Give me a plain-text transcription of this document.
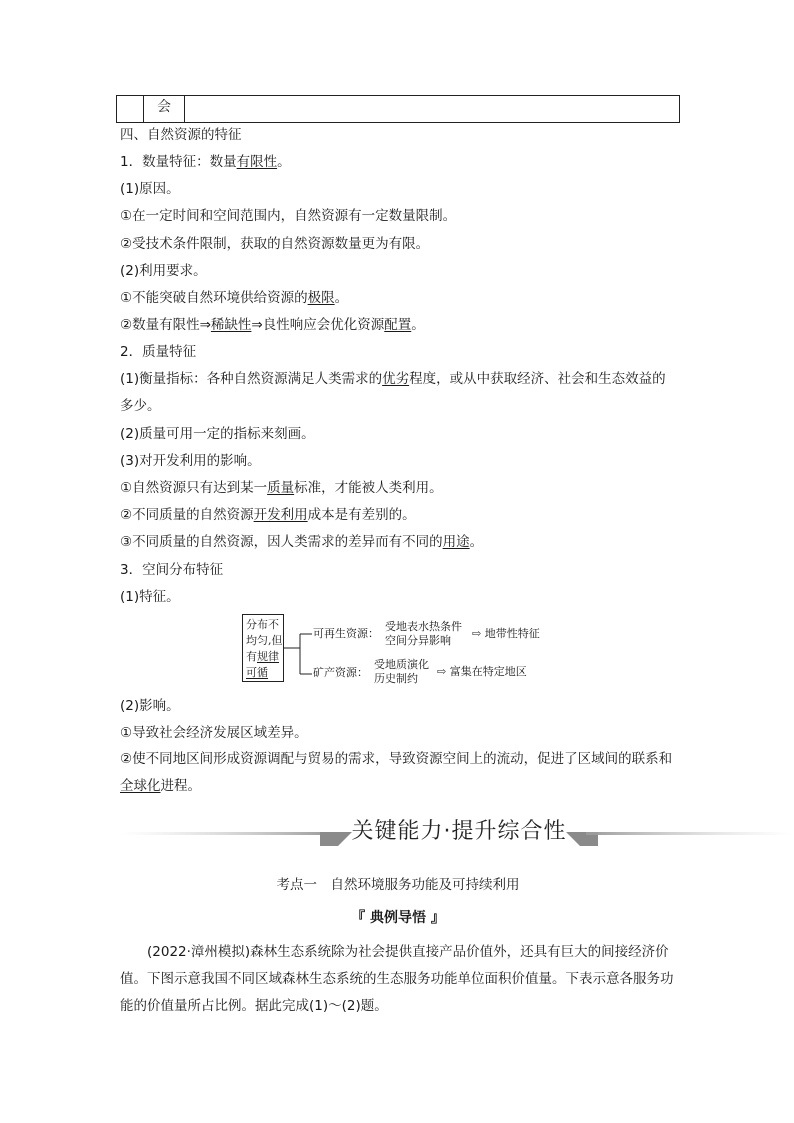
会
四、自然资源的特征
1．数量特征：数量有限性。
(1)原因。
①在一定时间和空间范围内，自然资源有一定数量限制。
②受技术条件限制，获取的自然资源数量更为有限。
(2)利用要求。
①不能突破自然环境供给资源的极限。
②数量有限性⇒稀缺性⇒良性响应会优化资源配置。
2．质量特征
(1)衡量指标：各种自然资源满足人类需求的优劣程度，或从中获取经济、社会和生态效益的多少。
(2)质量可用一定的指标来刻画。
(3)对开发利用的影响。
①自然资源只有达到某一质量标准，才能被人类利用。
②不同质量的自然资源开发利用成本是有差别的。
③不同质量的自然资源，因人类需求的差异而有不同的用途。
3．空间分布特征
(1)特征。
分布不
均匀,但
有规律
可循
可再生资源：
受地表水热条件
空间分异影响
⇨ 地带性特征
矿产资源：
受地质演化
历史制约
⇨ 富集在特定地区
(2)影响。
①导致社会经济发展区域差异。
②使不同地区间形成资源调配与贸易的需求，导致资源空间上的流动，促进了区域间的联系和全球化进程。
关键能力·提升综合性
考点一　自然环境服务功能及可持续利用
『 典例导悟 』
(2022·漳州模拟)森林生态系统除为社会提供直接产品价值外，还具有巨大的间接经济价值。下图示意我国不同区域森林生态系统的生态服务功能单位面积价值量。下表示意各服务功能的价值量所占比例。据此完成(1)～(2)题。
